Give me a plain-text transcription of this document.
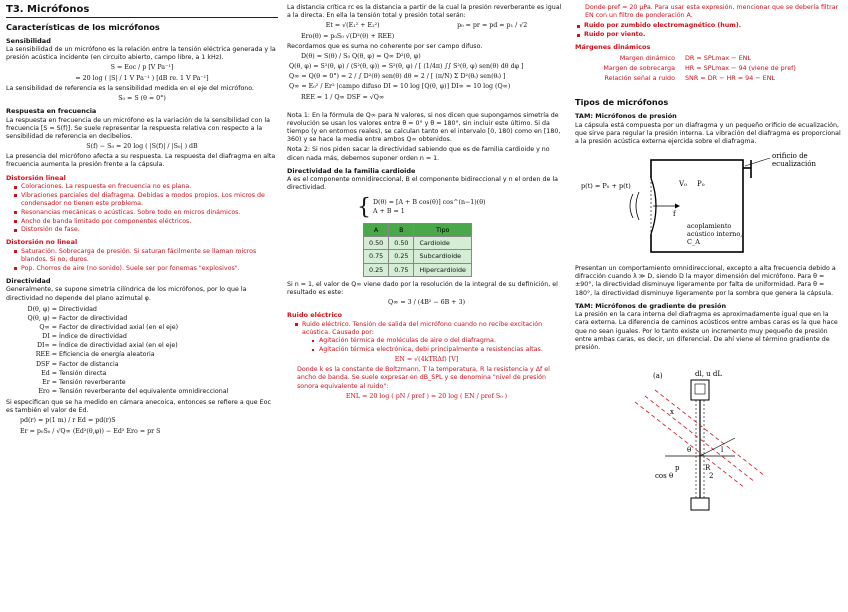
T3. Micrófonos
Características de los micrófonos
Sensibilidad

La sensibilidad de un micrófono es la relación entre la tensión eléctrica generada y la presión acústica incidente (en circuito abierto, campo libre, a 1 kHz).

S = Eoc / p [V Pa⁻¹]
= 20 log ( |S| / 1 V Pa⁻¹ ) [dB re. 1 V Pa⁻¹]

La sensibilidad de referencia es la sensibilidad medida en el eje del micrófono.

S₀ = S (θ = 0°)
Respuesta en frecuencia

La respuesta en frecuencia de un micrófono es la variación de la sensibilidad con la frecuencia [S = S(f)]. Se suele representar la respuesta relativa con respecto a la sensibilidad de referencia en decibelios.

S(f) − S₀ = 20 log ( |S(f)| / |S₀| ) dB

La presencia del micrófono afecta a su respuesta. La respuesta del diafragma en alta frecuencia aumenta la presión frente a la cápsula.

Distorsión lineal
Coloraciones. La respuesta en frecuencia no es plana.
Vibraciones parciales del diafragma. Debidas a modos propios. Los micros de condensador no tienen este problema.
Resonancias mecánicas o acústicas. Sobre todo en micros dinámicos.
Ancho de banda limitado por componentes eléctricos.
Distorsión de fase.
Distorsión no lineal
Saturación. Sobrecarga de presión. Si saturan fácilmente se llaman micros blandos. Si no, duros.
Pop. Chorros de aire (no sonido). Suele ser por fonemas "explosivos".
Directividad

Generalmente, se supone simetría cilíndrica de los micrófonos, por lo que la directividad no depende del plano azimutal φ.

D(θ, φ) = Directividad
Q(θ, φ) = Factor de directividad
Q∞ = Factor de directividad axial (en el eje)
DI = Índice de directividad
DI∞ = Índice de directividad axial (en el eje)
REE = Eficiencia de energía aleatoria
DSF = Factor de distancia
Ed = Tensión directa
Er = Tensión reverberante
Ero = Tensión reverberante del equivalente omnidireccional

Si especifican que se ha medido en cámara anecoica, entonces se refiere a que Eoc es también el valor de Ed.

pd(r) = p(1 m) / r Ed = pd(r)S
Er = p₀S₀ / √Q∞ (Ed²(θ,φ)) − Ed² Ero = pr S

La distancia crítica rc es la distancia a partir de la cual la presión reverberante es igual a la directa. En ella la tensión total y presión total serán:

Et = √(E₁² + E₂²)	p₀ = pr = pd = p₁ / √2
Ero(θ) = p₀S₀ √(D²(θ) + REE)

Recordamos que es suma no coherente por ser campo difuso.

D(θ) = S(θ) / S₀ Q(θ, φ) = Q∞ D²(θ, φ)
Q(θ, φ) = S²(θ, φ) / ⟨S²(θ, φ)⟩ = S²(θ, φ) / [ (1/4π) ∫∫ S²(θ, φ) sen(θ) dθ dφ ]
Q∞ = Q(θ = 0°) = 2 / ∫ D²(θ) sen(θ) dθ ≈ 2 / [ (π/N) Σ D²(θᵢ) sen(θᵢ) ]
Q∞ = E₀² / Er² |campo difuso DI = 10 log [Q(θ, φ)] DI∞ = 10 log (Q∞)
REE = 1 / Q∞ DSF = √Q∞

Nota 1: En la fórmula de Q∞ para N valores, si nos dicen que supongamos simetría de revolución se usan los valores entre θ = 0° y θ = 180°, sin incluir este último. Si da tiempo (y en entornos reales), se calculan tanto en el intervalo [0, 180) como en [180, 360) y se hace la media entre ambos Q∞ obtenidos.

Nota 2: Si nos piden sacar la directividad sabiendo que es de familia cardioide y no dicen nada más, debemos suponer orden n = 1.

Directividad de la familia cardioide

A es el componente omnidireccional, B el componente bidireccional y n el orden de la directividad.

{ D(θ) = [A + B cos(θ)] cos^(n−1)(θ)
A + B = 1
A	B	Tipo
0.50	0.50	Cardioide
0.75	0.25	Subcardioide
0.25	0.75	Hipercardioide

Si n = 1, el valor de Q∞ viene dado por la resolución de la integral de su definición, el resultado es este:

Q∞ = 3 / (4B² − 6B + 3)
Ruido eléctrico
Ruido eléctrico. Tensión de salida del micrófono cuando no recibe excitación acústica. Causado por:
Agitación térmica de moléculas de aire o del diafragma.
Agitación térmica electrónica, debi principalmente a resistencias altas.
EN = √(4kTRΔf) [V]

Donde k es la constante de Boltzmann, T la temperatura, R la resistencia y Δf el ancho de banda. Se suele expresar en dB_SPL y se denomina "nivel de presión sonora equivalente al ruido":

ENL = 20 log ( pN / pref ) = 20 log ( EN / pref S₀ )

Donde pref = 20 μPa. Para usar esta expresión, mencionar que se debería filtrar EN con un filtro de ponderación A.

Ruido por zumbido electromagnético (hum).
Ruido por viento.
Márgenes dinámicos
Margen dinámico	DR = SPLmax − ENL
Margen de sobrecarga	HR = SPLmax − 94 (viene de pref)
Relación señal a ruido	SNR = DR − HR = 94 − ENL
Tipos de micrófonos
TAM: Micrófonos de presión

La cápsula está compuesta por un diafragma y un pequeño orificio de ecualización, que sirve para regular la presión interna. La vibración del diafragma es proporcional a la presión acústica externa ejercida sobre el diafragma.

orificio de
ecualización
p(t) = P₀ + p(t)	V₀ P₀
f
acoplamiento
acústico interno,
C_A

Presentan un comportamiento omnidireccional, excepto a alta frecuencia debido a difracción cuando λ ≫ D, siendo D la mayor dimensión del micrófono. Para θ = ±90°, la directividad disminuye ligeramente por falta de uniformidad. Para θ = 180°, la directividad disminuye ligeramente por la sombra que genera la cápsula.

TAM: Micrófonos de gradiente de presión

La presión en la cara interna del diafragma es aproximadamente igual que en la cara externa. La diferencia de caminos acústicos entre ambas caras es la que hace que no sean iguales. Por lo tanto existe un incremento muy pequeño de presión entre ambas caras, es decir, un diferencial. De ahí viene el término gradiente de presión.

(a)	dl, u dL
x
θ	l
R
cos θ	2
p
